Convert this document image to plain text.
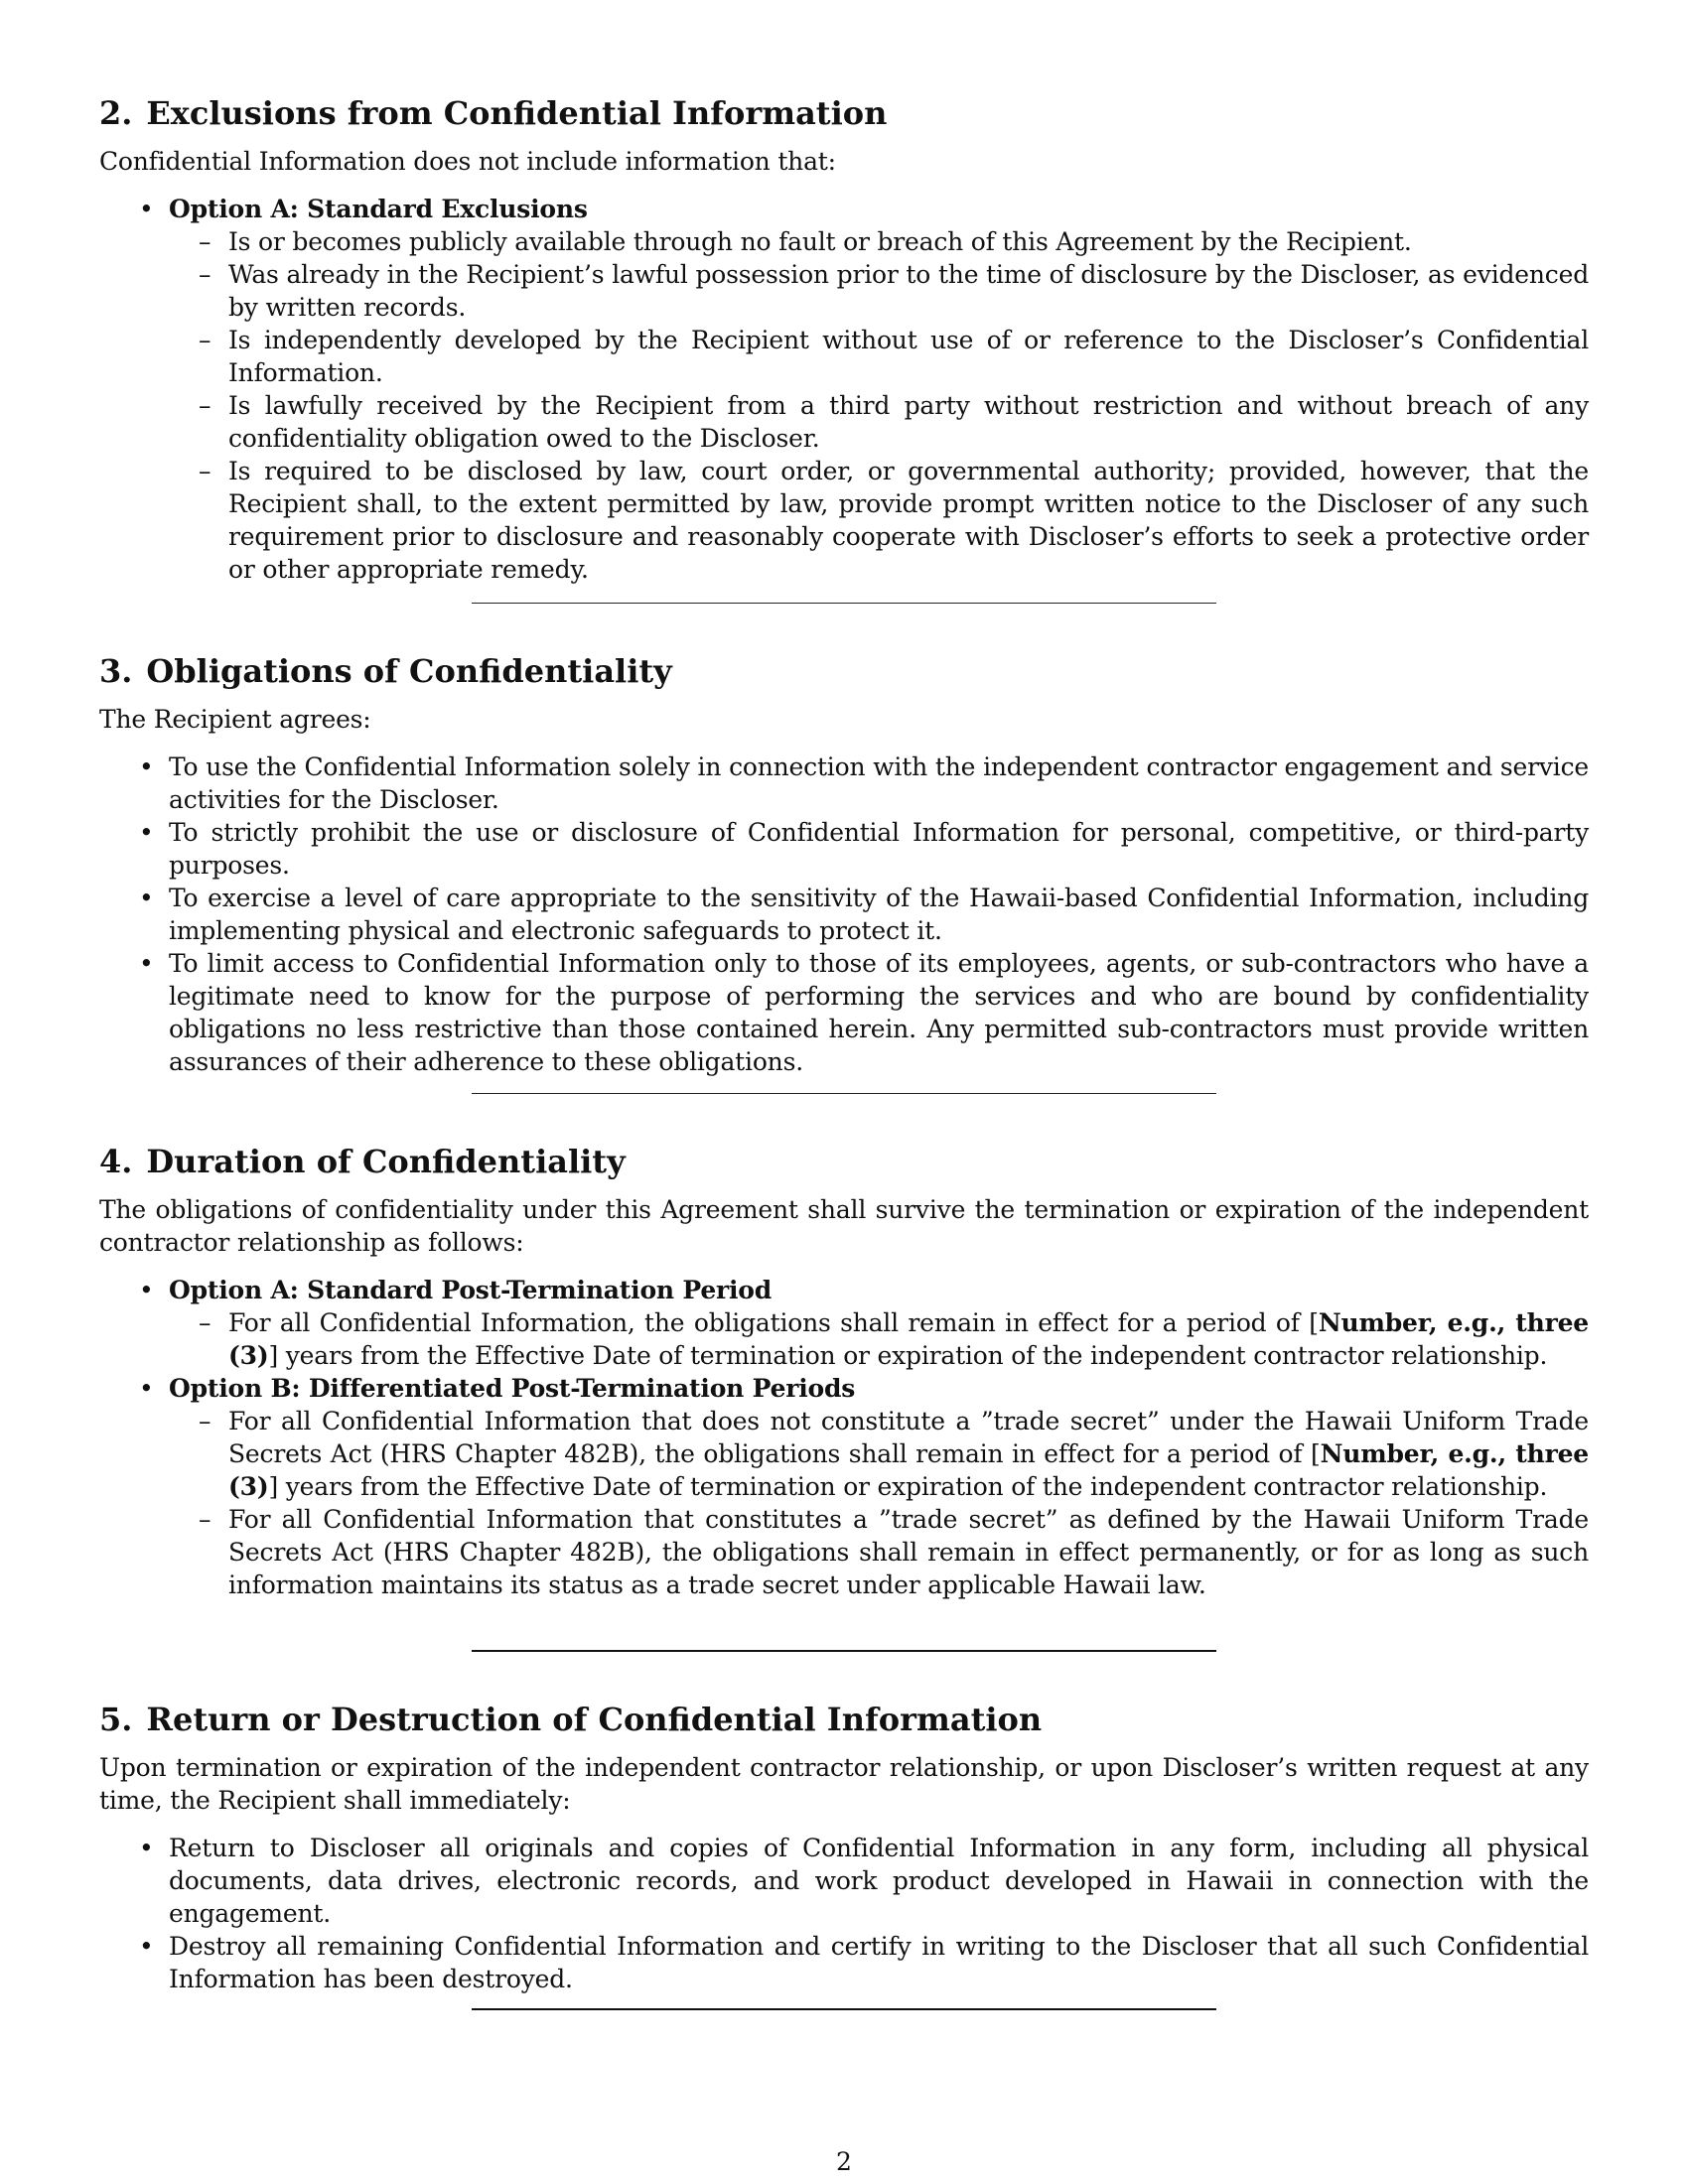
2. Exclusions from Confidential Information

Confidential Information does not include information that:

• Option A: Standard Exclusions
– Is or becomes publicly available through no fault or breach of this Agreement by the Recipient.
– Was already in the Recipient’s lawful possession prior to the time of disclosure by the Discloser, as evidenced by written records.
– Is independently developed by the Recipient without use of or reference to the Discloser’s Confidential Information.
– Is lawfully received by the Recipient from a third party without restriction and without breach of any confidentiality obligation owed to the Discloser.
– Is required to be disclosed by law, court order, or governmental authority; provided, however, that the Recipient shall, to the extent permitted by law, provide prompt written notice to the Discloser of any such requirement prior to disclosure and reasonably cooperate with Discloser’s efforts to seek a protective order or other appropriate remedy.
3. Obligations of Confidentiality

The Recipient agrees:

• To use the Confidential Information solely in connection with the independent contractor engagement and service activities for the Discloser.
• To strictly prohibit the use or disclosure of Confidential Information for personal, competitive, or third-party purposes.
• To exercise a level of care appropriate to the sensitivity of the Hawaii-based Confidential Information, including implementing physical and electronic safeguards to protect it.
• To limit access to Confidential Information only to those of its employees, agents, or sub-contractors who have a legitimate need to know for the purpose of performing the services and who are bound by confidentiality obligations no less restrictive than those contained herein. Any permitted sub-contractors must provide written assurances of their adherence to these obligations.
4. Duration of Confidentiality

The obligations of confidentiality under this Agreement shall survive the termination or expiration of the independent contractor relationship as follows:

• Option A: Standard Post-Termination Period
– For all Confidential Information, the obligations shall remain in effect for a period of [Number, e.g., three (3)] years from the Effective Date of termination or expiration of the independent contractor relationship.
• Option B: Differentiated Post-Termination Periods
– For all Confidential Information that does not constitute a ”trade secret” under the Hawaii Uniform Trade Secrets Act (HRS Chapter 482B), the obligations shall remain in effect for a period of [Number, e.g., three (3)] years from the Effective Date of termination or expiration of the independent contractor relationship.
– For all Confidential Information that constitutes a ”trade secret” as defined by the Hawaii Uniform Trade Secrets Act (HRS Chapter 482B), the obligations shall remain in effect permanently, or for as long as such information maintains its status as a trade secret under applicable Hawaii law.
5. Return or Destruction of Confidential Information

Upon termination or expiration of the independent contractor relationship, or upon Discloser’s written request at any time, the Recipient shall immediately:

• Return to Discloser all originals and copies of Confidential Information in any form, including all physical documents, data drives, electronic records, and work product developed in Hawaii in connection with the engagement.
• Destroy all remaining Confidential Information and certify in writing to the Discloser that all such Confidential Information has been destroyed.
2
